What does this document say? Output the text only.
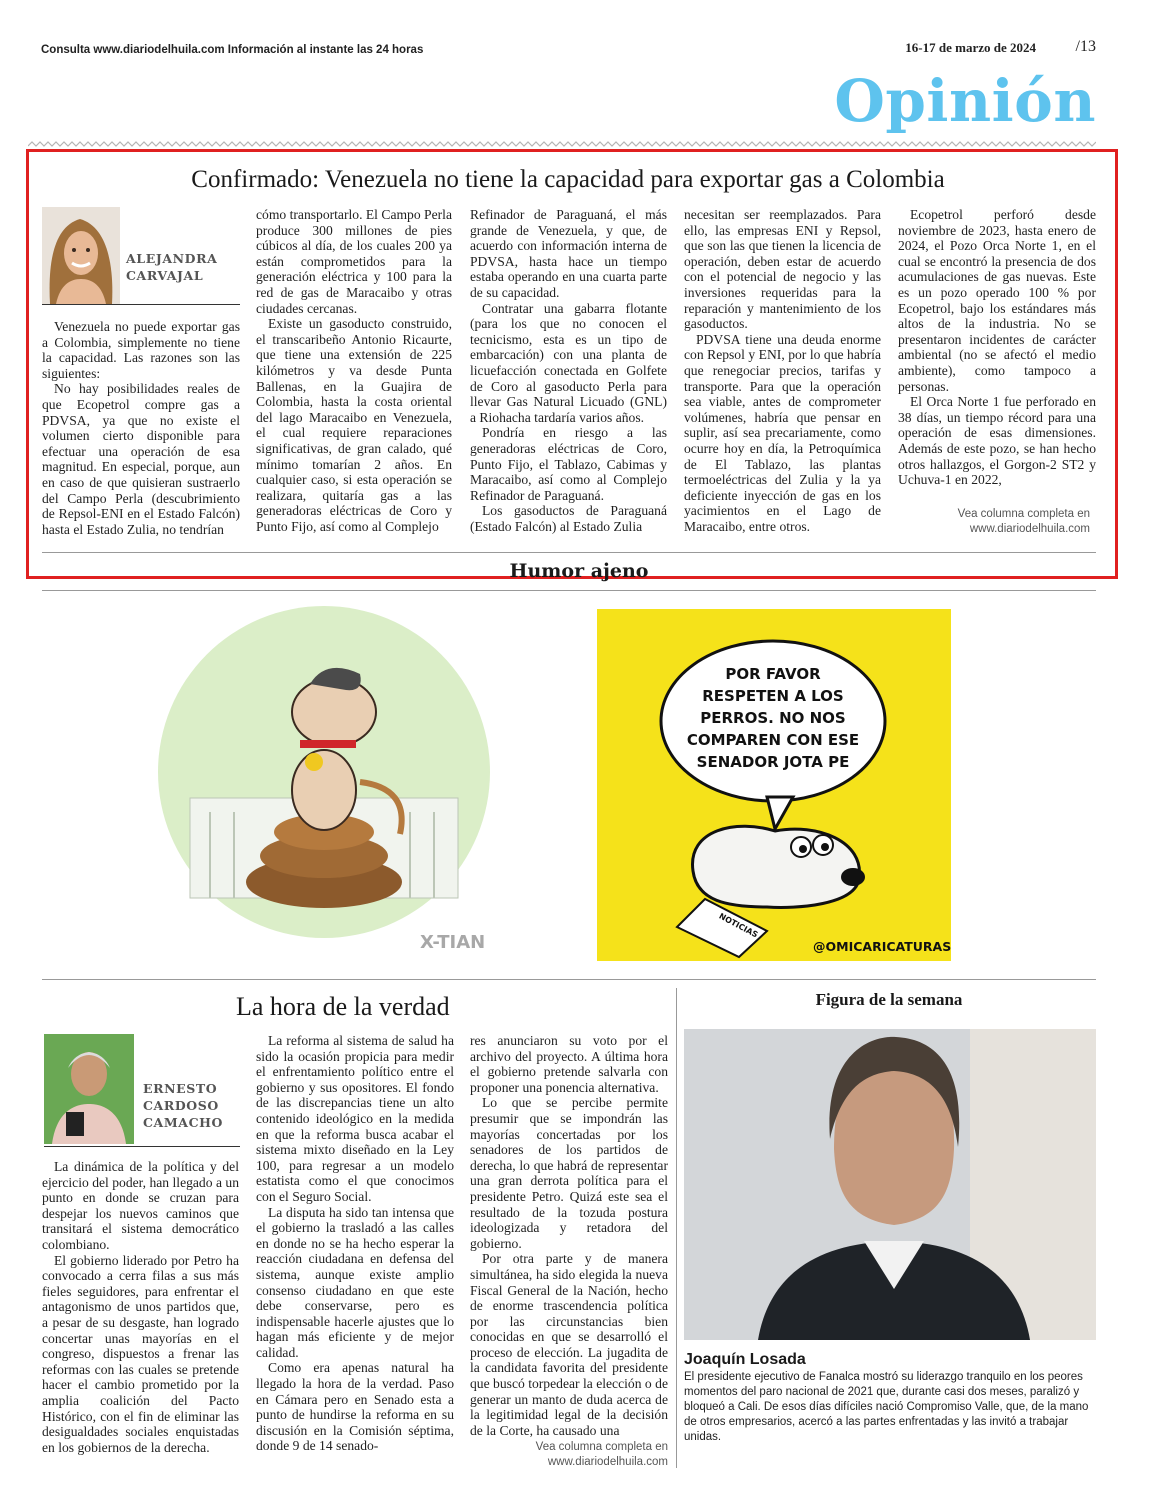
Consulta www.diariodelhuila.com Información al instante las 24 horas	16-17 de marzo de 2024 /13
Opinión
Confirmado: Venezuela no tiene la capacidad para exportar gas a Colombia
ALEJANDRA
CARVAJAL

Venezuela no puede exportar gas a Colombia, simplemente no tiene la capacidad. Las razones son las siguientes:

No hay posibilidades reales de que Ecopetrol compre gas a PDVSA, ya que no existe el volumen cierto disponible para efectuar una operación de esa magnitud. En especial, porque, aun en caso de que quisieran sustraerlo del Campo Perla (descubrimiento de Repsol-ENI en el Estado Falcón) hasta el Estado Zulia, no tendrían

cómo transportarlo. El Campo Perla produce 300 millones de pies cúbicos al día, de los cuales 200 ya están comprometidos para la generación eléctrica y 100 para la red de gas de Maracaibo y otras ciudades cercanas.

Existe un gasoducto construido, el transcaribeño Antonio Ricaurte, que tiene una extensión de 225 kilómetros y va desde Punta Ballenas, en la Guajira de Colombia, hasta la costa oriental del lago Maracaibo en Venezuela, el cual requiere reparaciones significativas, de gran calado, qué mínimo tomarían 2 años. En cualquier caso, si esta operación se realizara, quitaría gas a las generadoras eléctricas de Coro y Punto Fijo, así como al Complejo

Refinador de Paraguaná, el más grande de Venezuela, y que, de acuerdo con información interna de PDVSA, hasta hace un tiempo estaba operando en una cuarta parte de su capacidad.

Contratar una gabarra flotante (para los que no conocen el tecnicismo, esta es un tipo de embarcación) con una planta de licuefacción conectada en Golfete de Coro al gasoducto Perla para llevar Gas Natural Licuado (GNL) a Riohacha tardaría varios años.

Pondría en riesgo a las generadoras eléctricas de Coro, Punto Fijo, el Tablazo, Cabimas y Maracaibo, así como al Complejo Refinador de Paraguaná.

Los gasoductos de Paraguaná (Estado Falcón) al Estado Zulia

necesitan ser reemplazados. Para ello, las empresas ENI y Repsol, que son las que tienen la licencia de operación, deben estar de acuerdo con el potencial de negocio y las inversiones requeridas para la reparación y mantenimiento de los gasoductos.

PDVSA tiene una deuda enorme con Repsol y ENI, por lo que habría que renegociar precios, tarifas y transporte. Para que la operación sea viable, antes de comprometer volúmenes, habría que pensar en suplir, así sea precariamente, como ocurre hoy en día, la Petroquímica de El Tablazo, las plantas termoeléctricas del Zulia y la ya deficiente inyección de gas en los yacimientos en el Lago de Maracaibo, entre otros.

Ecopetrol perforó desde noviembre de 2023, hasta enero de 2024, el Pozo Orca Norte 1, en el cual se encontró la presencia de dos acumulaciones de gas nuevas. Este es un pozo operado 100 % por Ecopetrol, bajo los estándares más altos de la industria. No se presentaron incidentes de carácter ambiental (no se afectó el medio ambiente), como tampoco a personas.

El Orca Norte 1 fue perforado en 38 días, un tiempo récord para una operación de esas dimensiones. Además de este pozo, se han hecho otros hallazgos, el Gorgon-2 ST2 y Uchuva-1 en 2022,

Vea columna completa en
www.diariodelhuila.com
Humor ajeno
X-TIAN
POR FAVOR RESPETEN A LOS PERROS. NO NOS COMPAREN CON ESE SENADOR JOTA PE
NOTICIAS
@OMICARICATURAS
La hora de la verdad
ERNESTO
CARDOSO
CAMACHO

La dinámica de la política y del ejercicio del poder, han llegado a un punto en donde se cruzan para despejar los nuevos caminos que transitará el sistema democrático colombiano.

El gobierno liderado por Petro ha convocado a cerra filas a sus más fieles seguidores, para enfrentar el antagonismo de unos partidos que, a pesar de su desgaste, han logrado concertar unas mayorías en el congreso, dispuestos a frenar las reformas con las cuales se pretende hacer el cambio prometido por la amplia coalición del Pacto Histórico, con el fin de eliminar las desigualdades sociales enquistadas en los gobiernos de la derecha.

La reforma al sistema de salud ha sido la ocasión propicia para medir el enfrentamiento político entre el gobierno y sus opositores. El fondo de las discrepancias tiene un alto contenido ideológico en la medida en que la reforma busca acabar el sistema mixto diseñado en la Ley 100, para regresar a un modelo estatista como el que conocimos con el Seguro Social.

La disputa ha sido tan intensa que el gobierno la trasladó a las calles en donde no se ha hecho esperar la reacción ciudadana en defensa del sistema, aunque existe amplio consenso ciudadano en que este debe conservarse, pero es indispensable hacerle ajustes que lo hagan más eficiente y de mejor calidad.

Como era apenas natural ha llegado la hora de la verdad. Paso en Cámara pero en Senado esta a punto de hundirse la reforma en su discusión en la Comisión séptima, donde 9 de 14 senado-

res anunciaron su voto por el archivo del proyecto. A última hora el gobierno pretende salvarla con proponer una ponencia alternativa.

Lo que se percibe permite presumir que se impondrán las mayorías concertadas por los senadores de los partidos de derecha, lo que habrá de representar una gran derrota política para el presidente Petro. Quizá este sea el resultado de la tozuda postura ideologizada y retadora del gobierno.

Por otra parte y de manera simultánea, ha sido elegida la nueva Fiscal General de la Nación, hecho de enorme trascendencia política por las circunstancias bien conocidas en que se desarrolló el proceso de elección. La jugadita de la candidata favorita del presidente que buscó torpedear la elección o de generar un manto de duda acerca de la legitimidad legal de la decisión de la Corte, ha causado una

Vea columna completa en
www.diariodelhuila.com
Figura de la semana
Joaquín Losada
El presidente ejecutivo de Fanalca mostró su liderazgo tranquilo en los peores momentos del paro nacional de 2021 que, durante casi dos meses, paralizó y bloqueó a Cali. De esos días difíciles nació Compromiso Valle, que, de la mano de otros empresarios, acercó a las partes enfrentadas y las invitó a trabajar unidas.
